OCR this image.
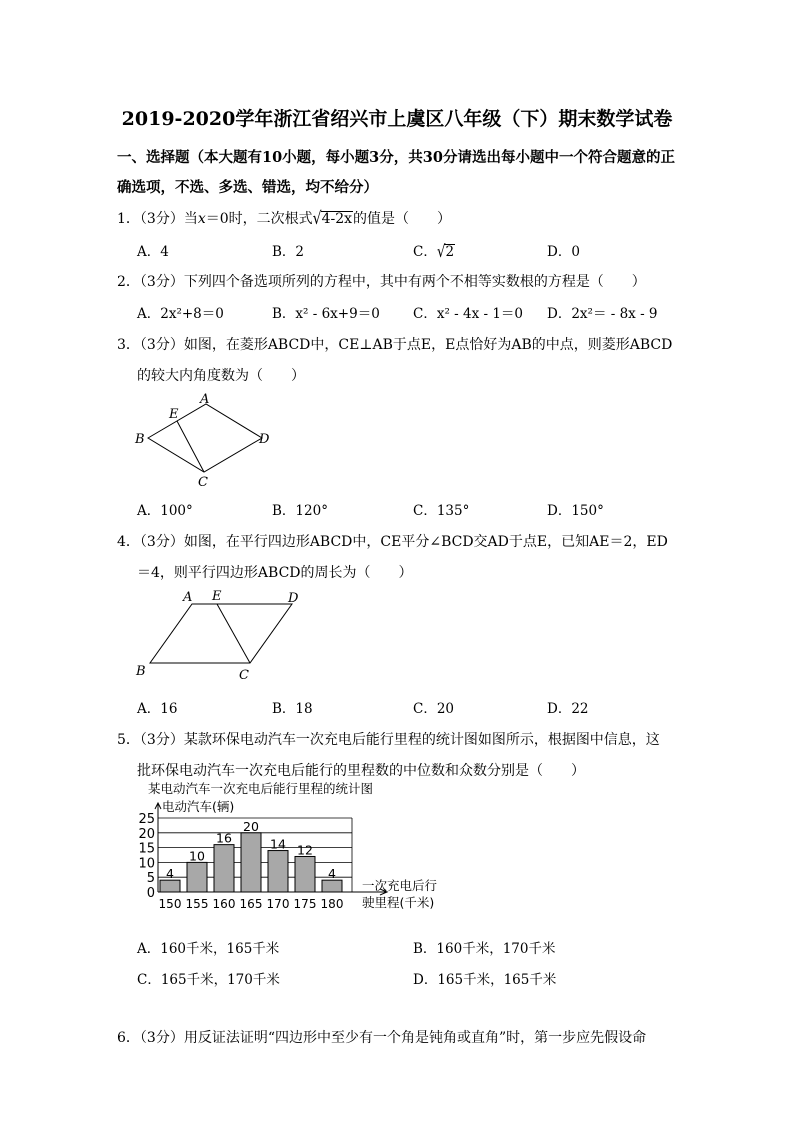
2019-2020学年浙江省绍兴市上虞区八年级（下）期末数学试卷
一、选择题（本大题有10小题，每小题3分，共30分请选出每小题中一个符合题意的正
确选项，不选、多选、错选，均不给分）
1．（3分）当x＝0时，二次根式√4-2x的值是（　　）
A．4	B．2	C．√2	D．0
2．（3分）下列四个备选项所列的方程中，其中有两个不相等实数根的方程是（　　）
A．2x²+8＝0	B．x² - 6x+9＝0 C．x² - 4x - 1＝0 D．2x²＝ - 8x - 9
3．（3分）如图，在菱形ABCD中，CE⊥AB于点E，E点恰好为AB的中点，则菱形ABCD
的较大内角度数为（　　）
A
B
C
D
E
A．100°	B．120°	C．135°	D．150°
4．（3分）如图，在平行四边形ABCD中，CE平分∠BCD交AD于点E，已知AE＝2，ED
＝4，则平行四边形ABCD的周长为（　　）
A E	D
B	C
A．16	B．18	C．20	D．22
5．（3分）某款环保电动汽车一次充电后能行里程的统计图如图所示，根据图中信息，这
批环保电动汽车一次充电后能行的里程数的中位数和众数分别是（　　）
某电动汽车一次充电后能行里程的统计图
电动汽车(辆)
一次充电后行
驶里程(千米)
4
10
16
20
14 12
4
0
5
10
15
20
25
150 155 160 165 170 175 180
A．160千米，165千米	B．160千米，170千米
C．165千米，170千米	D．165千米，165千米
6．（3分）用反证法证明“四边形中至少有一个角是钝角或直角”时，第一步应先假设命
